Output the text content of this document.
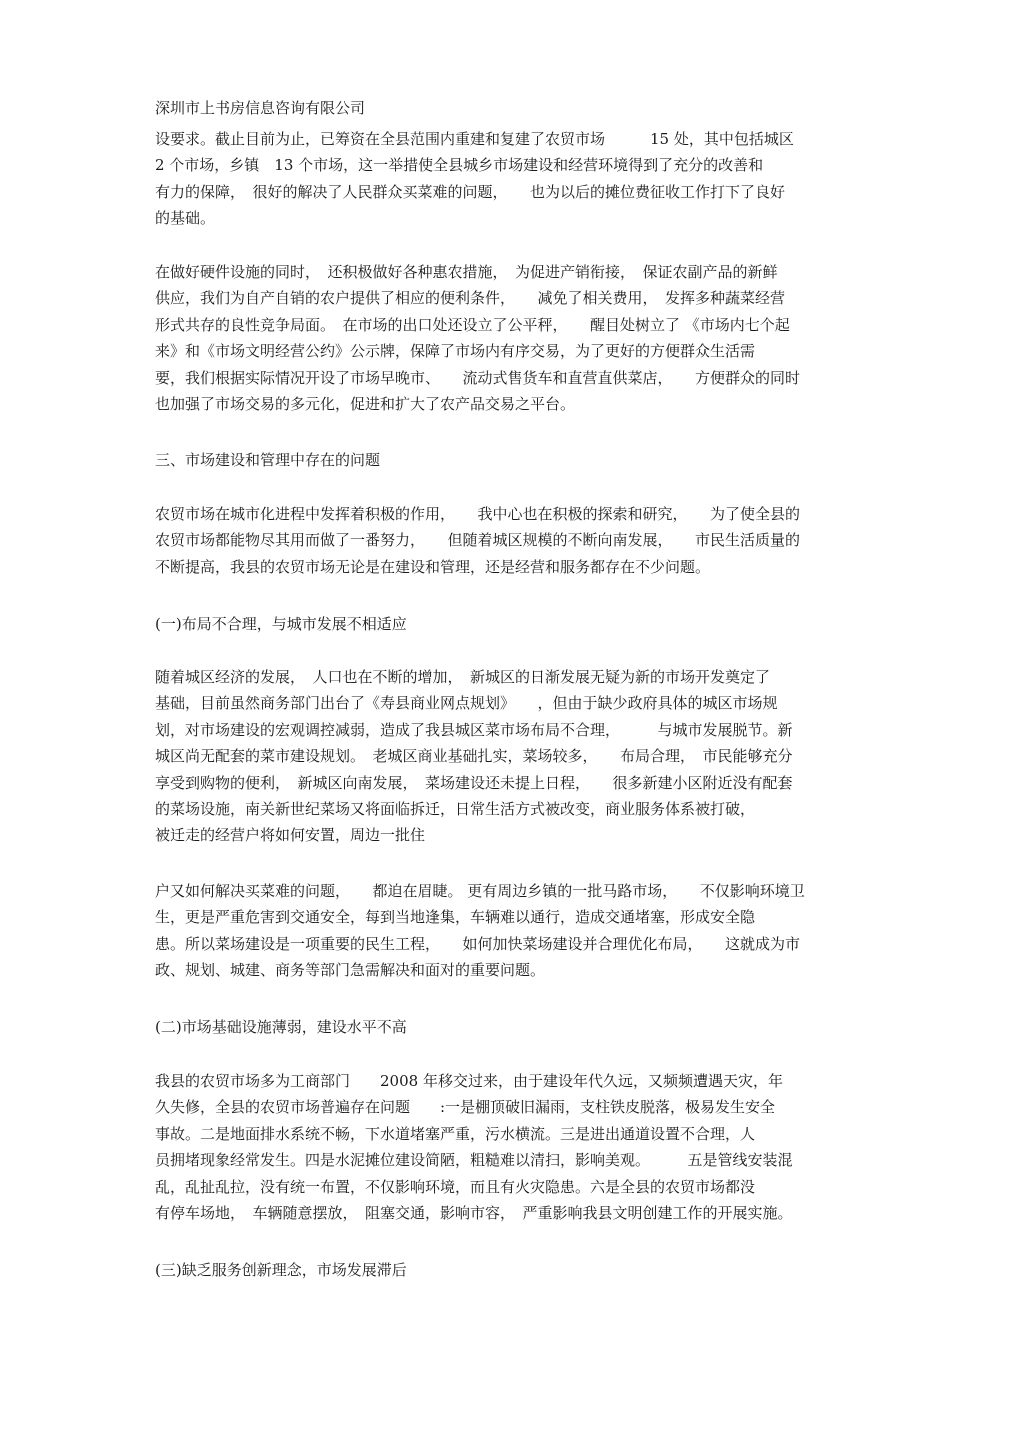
深圳市上书房信息咨询有限公司
设要求。截止目前为止，已筹资在全县范围内重建和复建了农贸市场　　　15 处，其中包括城区
2 个市场，乡镇　13 个市场，这一举措使全县城乡市场建设和经营环境得到了充分的改善和
有力的保障，　很好的解决了人民群众买菜难的问题，　　也为以后的摊位费征收工作打下了良好
的基础。
在做好硬件设施的同时，　还积极做好各种惠农措施，　为促进产销衔接，　保证农副产品的新鲜
供应，我们为自产自销的农户提供了相应的便利条件，　　减免了相关费用，　发挥多种蔬菜经营
形式共存的良性竞争局面。　在市场的出口处还设立了公平秤，　　醒目处树立了 《市场内七个起
来》和《市场文明经营公约》公示牌，保障了市场内有序交易，为了更好的方便群众生活需
要，我们根据实际情况开设了市场早晚市、　　流动式售货车和直营直供菜店，　　方便群众的同时
也加强了市场交易的多元化，促进和扩大了农产品交易之平台。
三、市场建设和管理中存在的问题
农贸市场在城市化进程中发挥着积极的作用，　　我中心也在积极的探索和研究，　　为了使全县的
农贸市场都能物尽其用而做了一番努力，　　但随着城区规模的不断向南发展，　　市民生活质量的
不断提高，我县的农贸市场无论是在建设和管理，还是经营和服务都存在不少问题。
(一)布局不合理，与城市发展不相适应
随着城区经济的发展，　人口也在不断的增加，　新城区的日渐发展无疑为新的市场开发奠定了
基础，目前虽然商务部门出台了《寿县商业网点规划》　　，但由于缺少政府具体的城区市场规
划，对市场建设的宏观调控减弱，造成了我县城区菜市场布局不合理，　　　与城市发展脱节。新
城区尚无配套的菜市建设规划。　老城区商业基础扎实，菜场较多，　　布局合理，　市民能够充分
享受到购物的便利，　新城区向南发展，　菜场建设还未提上日程，　　很多新建小区附近没有配套
的菜场设施，南关新世纪菜场又将面临拆迁，日常生活方式被改变，商业服务体系被打破，
被迁走的经营户将如何安置，周边一批住
户又如何解决买菜难的问题，　　都迫在眉睫。 更有周边乡镇的一批马路市场，　　不仅影响环境卫
生，更是严重危害到交通安全，每到当地逢集，车辆难以通行，造成交通堵塞，形成安全隐
患。所以菜场建设是一项重要的民生工程，　　如何加快菜场建设并合理优化布局，　　这就成为市
政、规划、城建、商务等部门急需解决和面对的重要问题。
(二)市场基础设施薄弱，建设水平不高
我县的农贸市场多为工商部门　　2008 年移交过来，由于建设年代久远，又频频遭遇天灾，年
久失修，全县的农贸市场普遍存在问题　　:一是棚顶破旧漏雨，支柱铁皮脱落，极易发生安全
事故。二是地面排水系统不畅，下水道堵塞严重，污水横流。三是进出通道设置不合理，人
员拥堵现象经常发生。四是水泥摊位建设简陋，粗糙难以清扫，影响美观。　　　五是管线安装混
乱，乱扯乱拉，没有统一布置，不仅影响环境，而且有火灾隐患。六是全县的农贸市场都没
有停车场地，　车辆随意摆放，　阻塞交通，影响市容，　严重影响我县文明创建工作的开展实施。
(三)缺乏服务创新理念，市场发展滞后
